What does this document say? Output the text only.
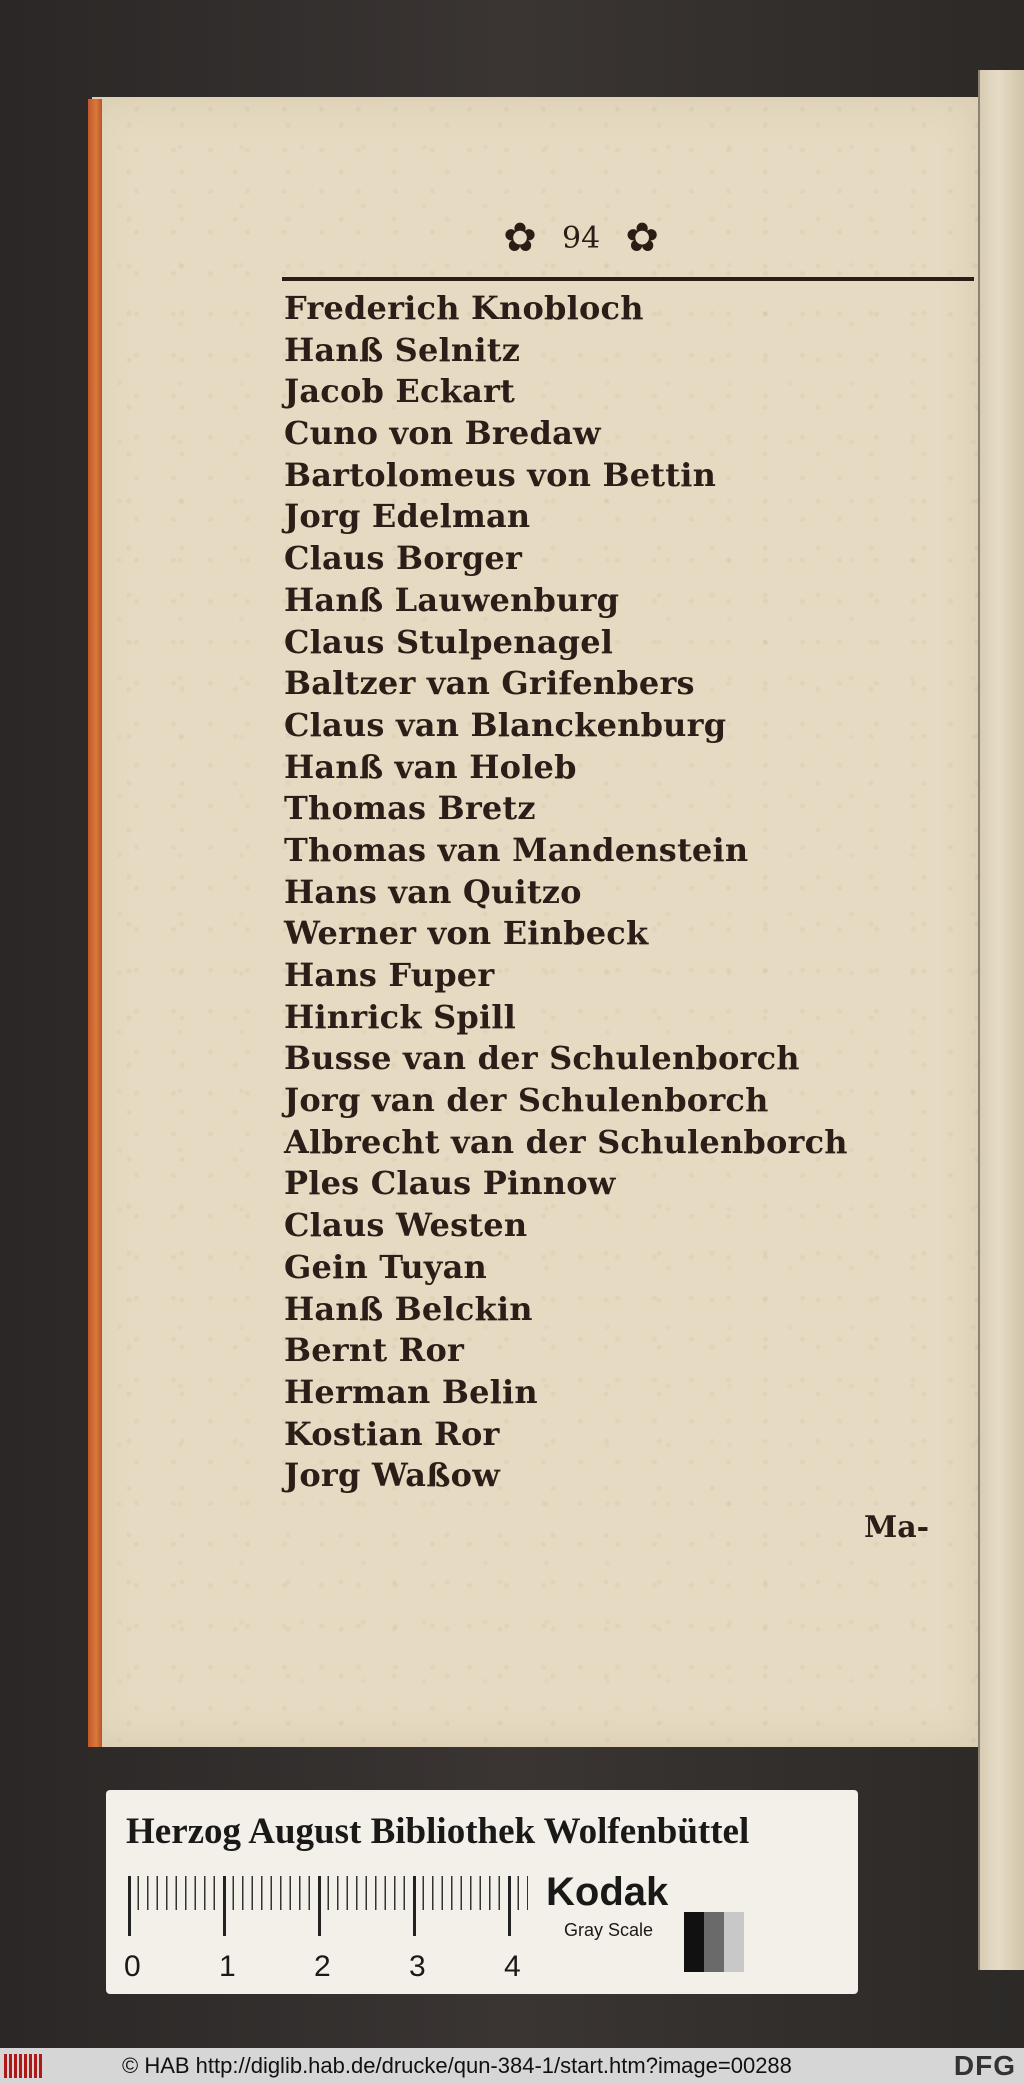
✿ 94 ✿
Frederich Knobloch
Hanß Selnitz
Jacob Eckart
Cuno von Bredaw
Bartolomeus von Bettin
Jorg Edelman
Claus Borger
Hanß Lauwenburg
Claus Stulpenagel
Baltzer van Grifenbers
Claus van Blanckenburg
Hanß van Holeb
Thomas Bretz
Thomas van Mandenstein
Hans van Quitzo
Werner von Einbeck
Hans Fuper
Hinrick Spill
Busse van der Schulenborch
Jorg van der Schulenborch
Albrecht van der Schulenborch
Ples Claus Pinnow
Claus Westen
Gein Tuyan
Hanß Belckin
Bernt Ror
Herman Belin
Kostian Ror
Jorg Waßow
Ma-
Herzog August Bibliothek Wolfenbüttel
0	1	2	3	4
Kodak
Gray Scale
© HAB http://diglib.hab.de/drucke/qun-384-1/start.htm?image=00288	DFG
